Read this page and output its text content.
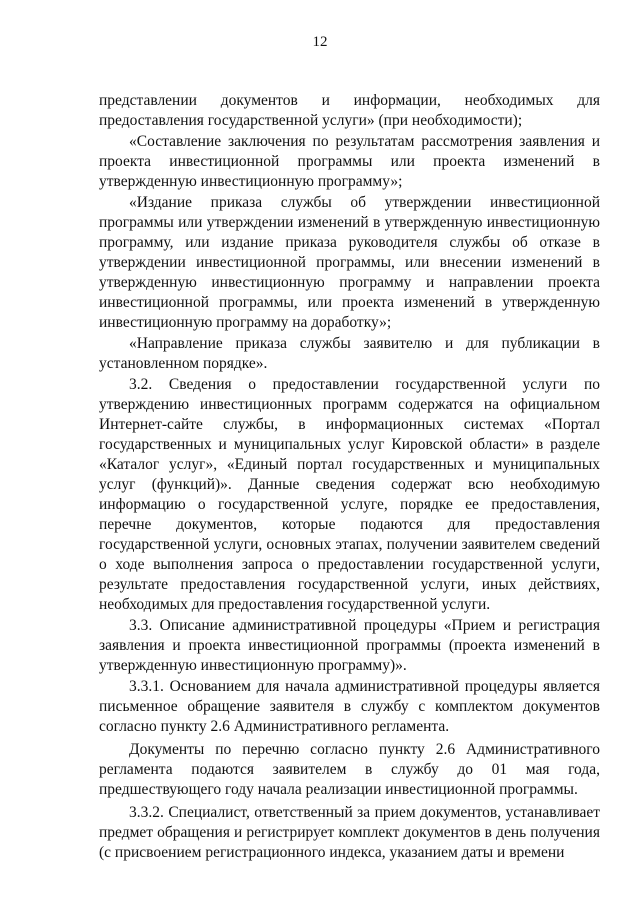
12

представлении документов и информации, необходимых для предоставления государственной услуги» (при необходимости);

«Составление заключения по результатам рассмотрения заявления и проекта инвестиционной программы или проекта изменений в утвержденную инвестиционную программу»;

«Издание приказа службы об утверждении инвестиционной программы или утверждении изменений в утвержденную инвестиционную программу, или издание приказа руководителя службы об отказе в утверждении инвестиционной программы, или внесении изменений в утвержденную инвестиционную программу и направлении проекта инвестиционной программы, или проекта изменений в утвержденную инвестиционную программу на доработку»;

«Направление приказа службы заявителю и для публикации в установленном порядке».

3.2. Сведения о предоставлении государственной услуги по утверждению инвестиционных программ содержатся на официальном Интернет-сайте службы, в информационных системах «Портал государственных и муниципальных услуг Кировской области» в разделе «Каталог услуг», «Единый портал государственных и муниципальных услуг (функций)». Данные сведения содержат всю необходимую информацию о государственной услуге, порядке ее предоставления, перечне документов, которые подаются для предоставления государственной услуги, основных этапах, получении заявителем сведений о ходе выполнения запроса о предоставлении государственной услуги, результате предоставления государственной услуги, иных действиях, необходимых для предоставления государственной услуги.

3.3. Описание административной процедуры «Прием и регистрация заявления и проекта инвестиционной программы (проекта изменений в утвержденную инвестиционную программу)».

3.3.1. Основанием для начала административной процедуры является письменное обращение заявителя в службу с комплектом документов согласно пункту 2.6 Административного регламента.

Документы по перечню согласно пункту 2.6 Административного регламента подаются заявителем в службу до 01 мая года, предшествующего году начала реализации инвестиционной программы.

3.3.2. Специалист, ответственный за прием документов, устанавливает предмет обращения и регистрирует комплект документов в день получения (с присвоением регистрационного индекса, указанием даты и времени
